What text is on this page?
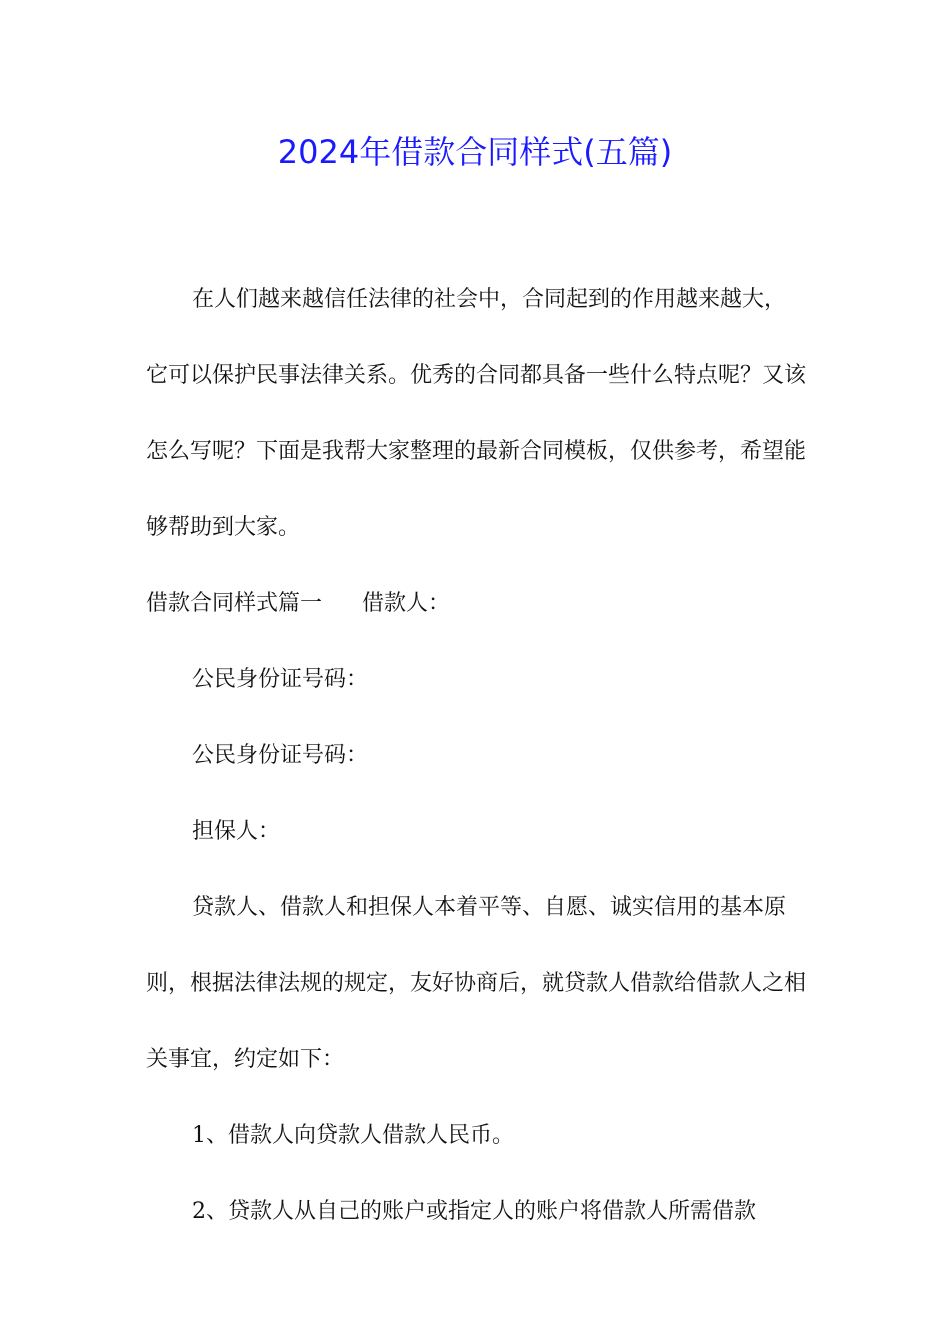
2024年借款合同样式(五篇)

在人们越来越信任法律的社会中，合同起到的作用越来越大，它可以保护民事法律关系。优秀的合同都具备一些什么特点呢？又该怎么写呢？下面是我帮大家整理的最新合同模板，仅供参考，希望能够帮助到大家。

借款合同样式篇一 借款人：

公民身份证号码：

公民身份证号码：

担保人：

贷款人、借款人和担保人本着平等、自愿、诚实信用的基本原则，根据法律法规的规定，友好协商后，就贷款人借款给借款人之相关事宜，约定如下：

1、借款人向贷款人借款人民币。

2、贷款人从自己的账户或指定人的账户将借款人所需借款
